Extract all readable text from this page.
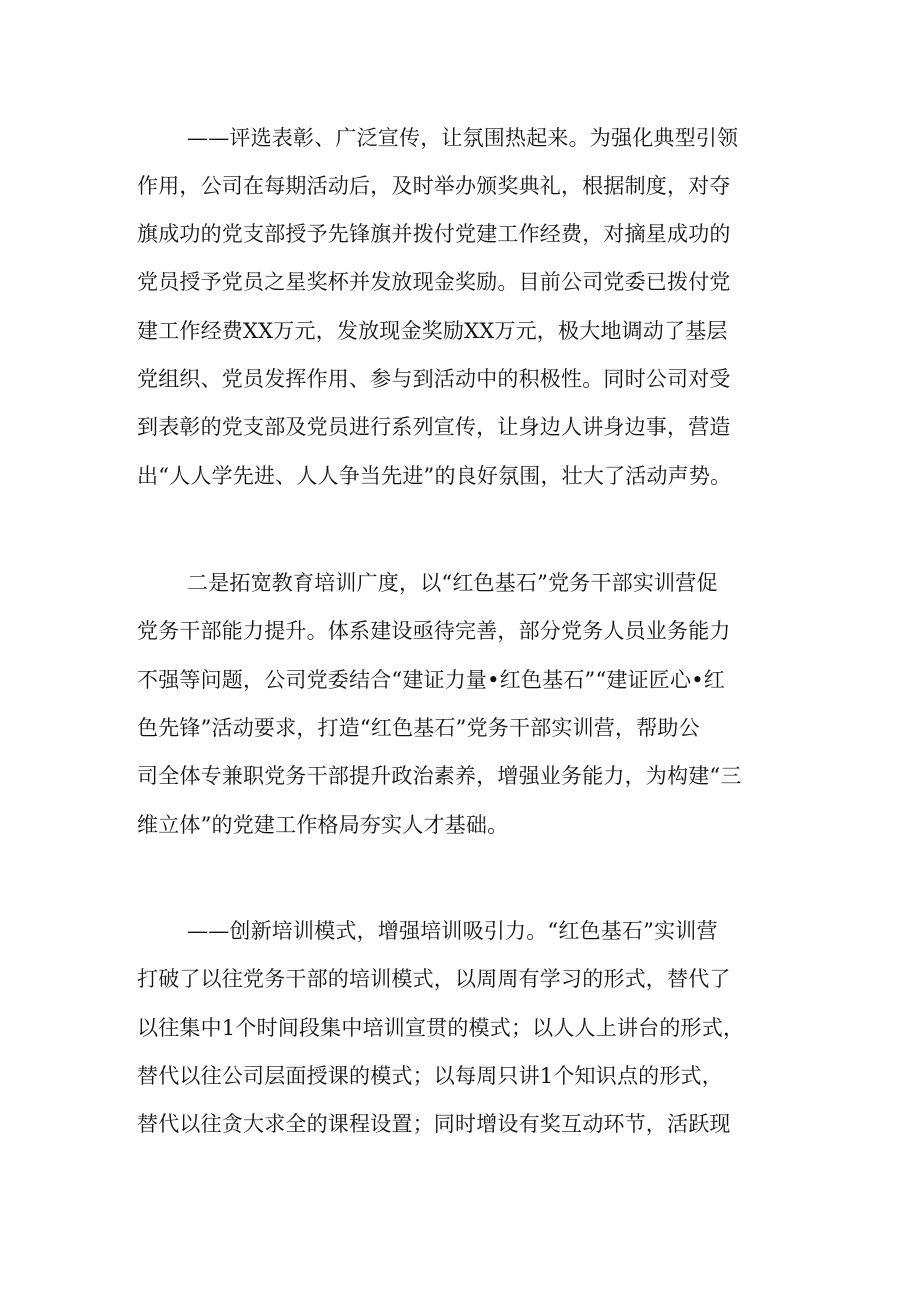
——评选表彰、广泛宣传，让氛围热起来。为强化典型引领
作用，公司在每期活动后，及时举办颁奖典礼，根据制度，对夺
旗成功的党支部授予先锋旗并拨付党建工作经费，对摘星成功的
党员授予党员之星奖杯并发放现金奖励。目前公司党委已拨付党
建工作经费XX万元，发放现金奖励XX万元，极大地调动了基层
党组织、党员发挥作用、参与到活动中的积极性。同时公司对受
到表彰的党支部及党员进行系列宣传，让身边人讲身边事，营造
出“人人学先进、人人争当先进”的良好氛围，壮大了活动声势。
二是拓宽教育培训广度，以“红色基石”党务干部实训营促
党务干部能力提升。体系建设亟待完善，部分党务人员业务能力
不强等问题，公司党委结合“建证力量•红色基石”“建证匠心•红
色先锋”活动要求，打造“红色基石”党务干部实训营，帮助公
司全体专兼职党务干部提升政治素养，增强业务能力，为构建“三
维立体”的党建工作格局夯实人才基础。
——创新培训模式，增强培训吸引力。“红色基石”实训营
打破了以往党务干部的培训模式，以周周有学习的形式，替代了
以往集中1个时间段集中培训宣贯的模式；以人人上讲台的形式，
替代以往公司层面授课的模式；以每周只讲1个知识点的形式，
替代以往贪大求全的课程设置；同时增设有奖互动环节，活跃现
